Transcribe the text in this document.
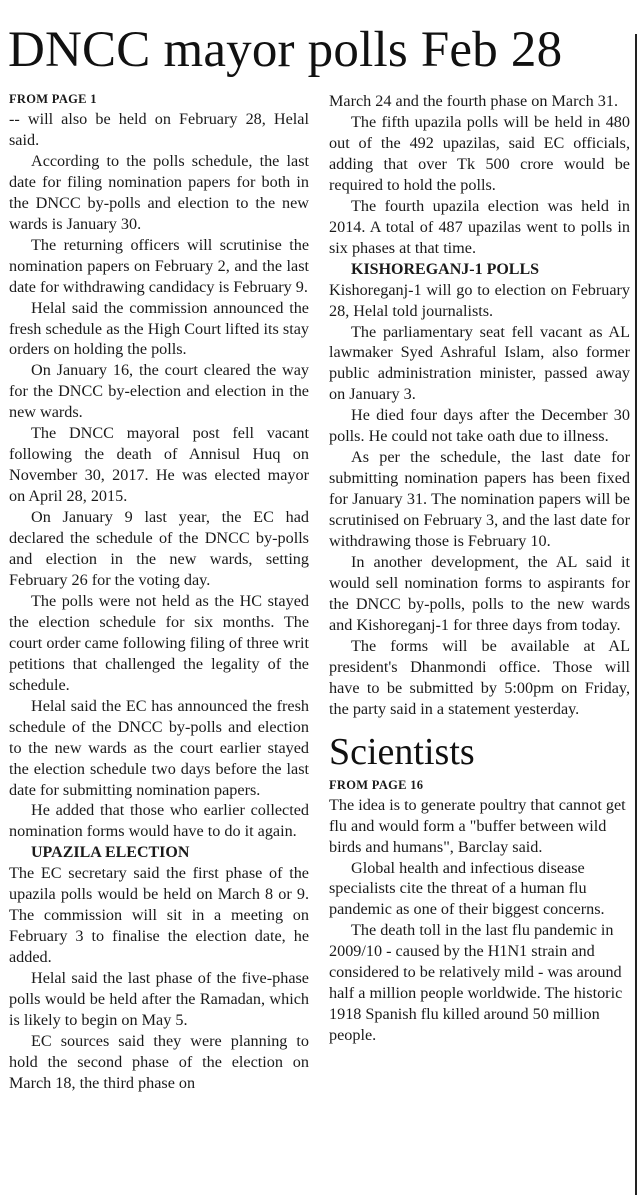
DNCC mayor polls Feb 28
FROM PAGE 1

-- will also be held on February 28, Helal said.

According to the polls schedule, the last date for filing nomination papers for both in the DNCC by-polls and election to the new wards is January 30.

The returning officers will scrutinise the nomination papers on February 2, and the last date for withdrawing candidacy is February 9.

Helal said the commission announced the fresh schedule as the High Court lifted its stay orders on holding the polls.

On January 16, the court cleared the way for the DNCC by-election and election in the new wards.

The DNCC mayoral post fell vacant following the death of Annisul Huq on November 30, 2017. He was elected mayor on April 28, 2015.

On January 9 last year, the EC had declared the schedule of the DNCC by-polls and election in the new wards, setting February 26 for the voting day.

The polls were not held as the HC stayed the election schedule for six months. The court order came following filing of three writ petitions that challenged the legality of the schedule.

Helal said the EC has announced the fresh schedule of the DNCC by-polls and election to the new wards as the court earlier stayed the election schedule two days before the last date for submitting nomination papers.

He added that those who earlier collected nomination forms would have to do it again.

UPAZILA ELECTION

The EC secretary said the first phase of the upazila polls would be held on March 8 or 9. The commission will sit in a meeting on February 3 to finalise the election date, he added.

Helal said the last phase of the five-phase polls would be held after the Ramadan, which is likely to begin on May 5.

EC sources said they were planning to hold the second phase of the election on March 18, the third phase on

March 24 and the fourth phase on March 31.

The fifth upazila polls will be held in 480 out of the 492 upazilas, said EC officials, adding that over Tk 500 crore would be required to hold the polls.

The fourth upazila election was held in 2014. A total of 487 upazilas went to polls in six phases at that time.

KISHOREGANJ-1 POLLS

Kishoreganj-1 will go to election on February 28, Helal told journalists.

The parliamentary seat fell vacant as AL lawmaker Syed Ashraful Islam, also former public administration minister, passed away on January 3.

He died four days after the December 30 polls. He could not take oath due to illness.

As per the schedule, the last date for submitting nomination papers has been fixed for January 31. The nomination papers will be scrutinised on February 3, and the last date for withdrawing those is February 10.

In another development, the AL said it would sell nomination forms to aspirants for the DNCC by-polls, polls to the new wards and Kishoreganj-1 for three days from today.

The forms will be available at AL president's Dhanmondi office. Those will have to be submitted by 5:00pm on Friday, the party said in a statement yesterday.

Scientists
FROM PAGE 16

The idea is to generate poultry that cannot get flu and would form a "buffer between wild birds and humans", Barclay said.

Global health and infectious disease specialists cite the threat of a human flu pandemic as one of their biggest concerns.

The death toll in the last flu pandemic in 2009/10 - caused by the H1N1 strain and considered to be relatively mild - was around half a million people worldwide. The historic 1918 Spanish flu killed around 50 million people.
